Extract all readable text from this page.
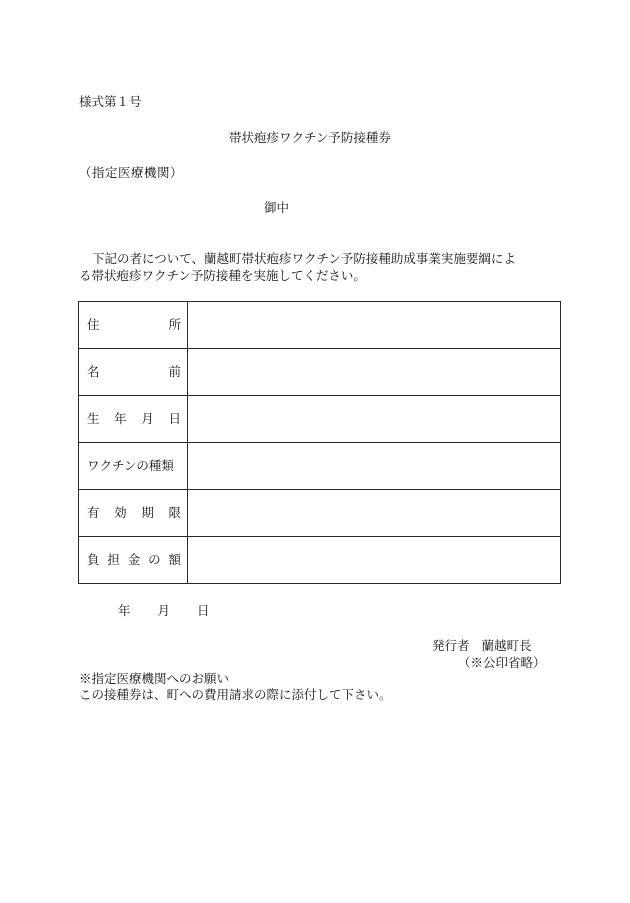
様式第１号
帯状疱疹ワクチン予防接種券
（指定医療機関）
御中

下記の者について、蘭越町帯状疱疹ワクチン予防接種助成事業実施要綱によ

る帯状疱疹ワクチン予防接種を実施してください。

住 所	

名 前	

生 年 月 日	

ワクチンの種類	

有 効 期 限	

負 担 金 の 額	

年 月 日
発行者 蘭越町長
（※公印省略）
※指定医療機関へのお願い
この接種券は、町への費用請求の際に添付して下さい。
